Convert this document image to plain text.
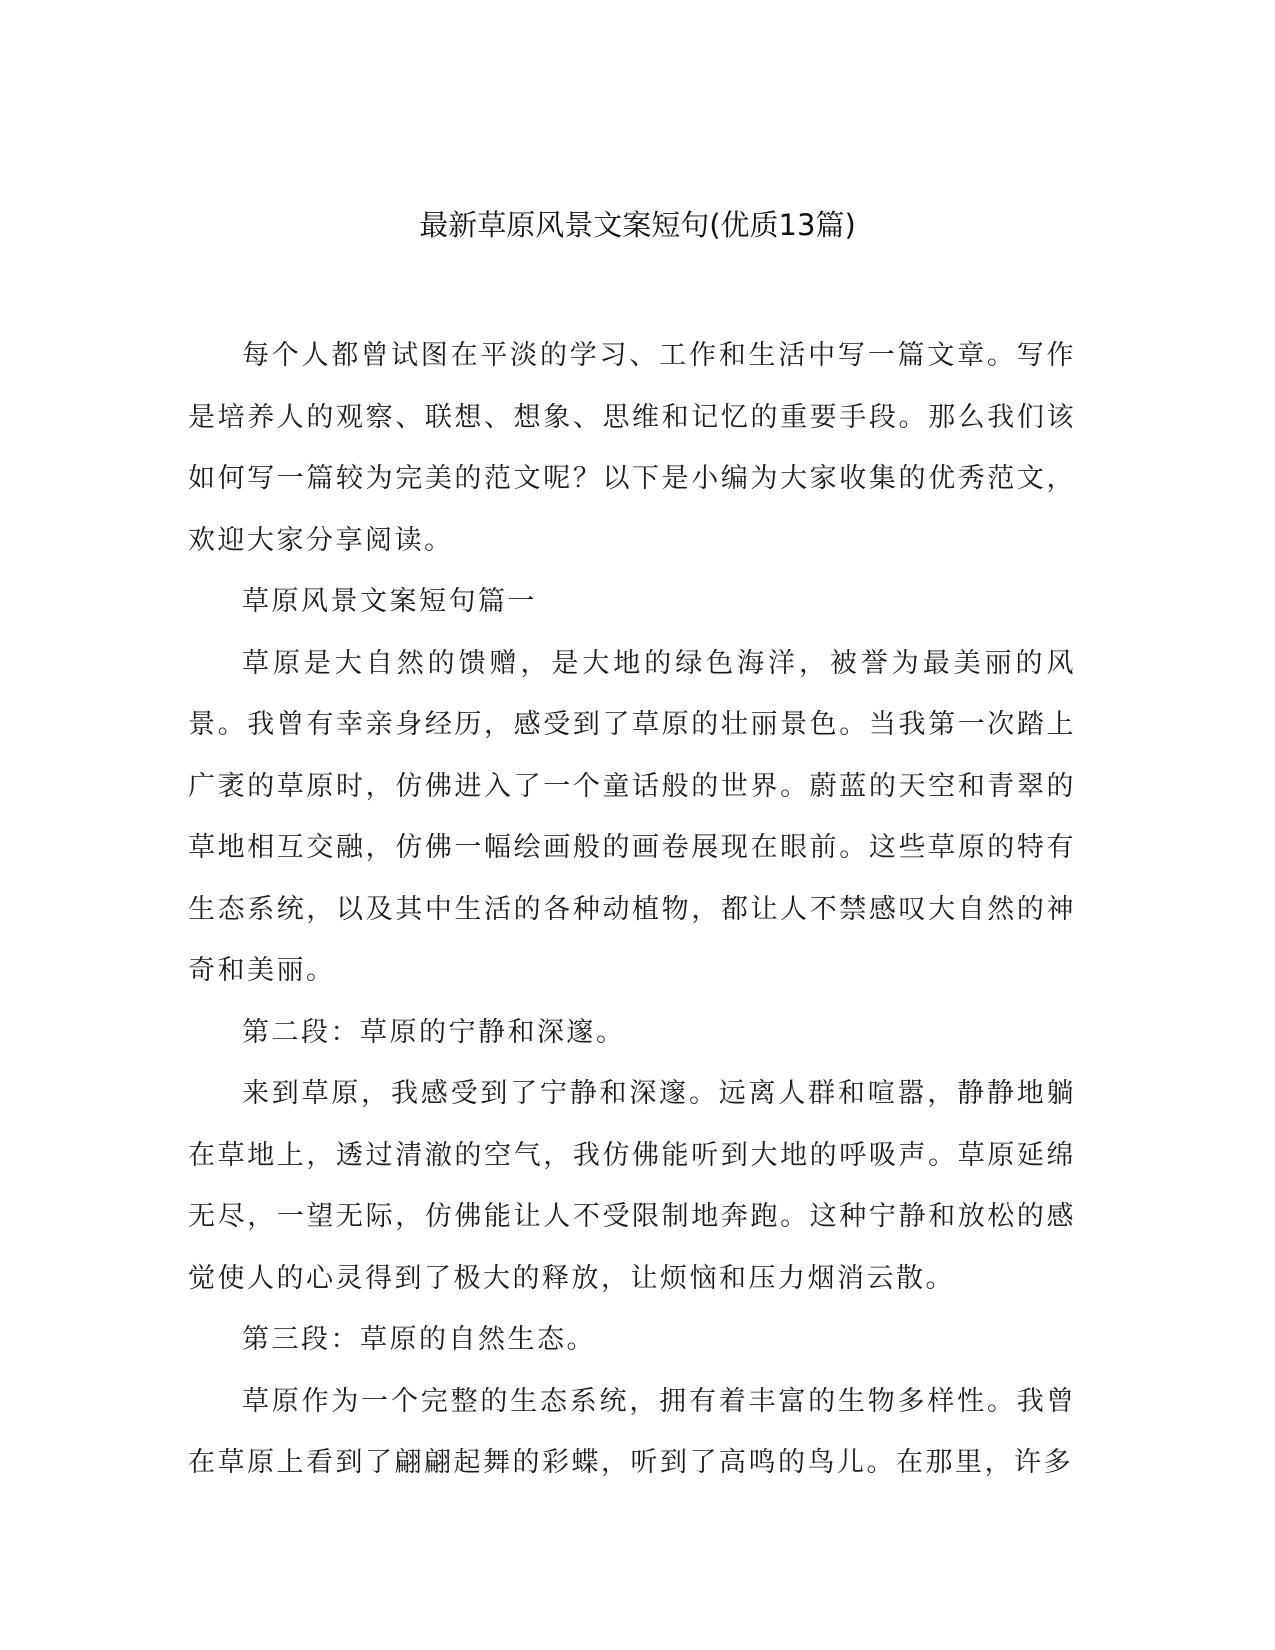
最新草原风景文案短句(优质13篇)

每个人都曾试图在平淡的学习、工作和生活中写一篇文章。写作是培养人的观察、联想、想象、思维和记忆的重要手段。那么我们该如何写一篇较为完美的范文呢？以下是小编为大家收集的优秀范文，欢迎大家分享阅读。

草原风景文案短句篇一

草原是大自然的馈赠，是大地的绿色海洋，被誉为最美丽的风景。我曾有幸亲身经历，感受到了草原的壮丽景色。当我第一次踏上广袤的草原时，仿佛进入了一个童话般的世界。蔚蓝的天空和青翠的草地相互交融，仿佛一幅绘画般的画卷展现在眼前。这些草原的特有生态系统，以及其中生活的各种动植物，都让人不禁感叹大自然的神奇和美丽。

第二段：草原的宁静和深邃。

来到草原，我感受到了宁静和深邃。远离人群和喧嚣，静静地躺在草地上，透过清澈的空气，我仿佛能听到大地的呼吸声。草原延绵无尽，一望无际，仿佛能让人不受限制地奔跑。这种宁静和放松的感觉使人的心灵得到了极大的释放，让烦恼和压力烟消云散。

第三段：草原的自然生态。

草原作为一个完整的生态系统，拥有着丰富的生物多样性。我曾在草原上看到了翩翩起舞的彩蝶，听到了高鸣的鸟儿。在那里，许多
